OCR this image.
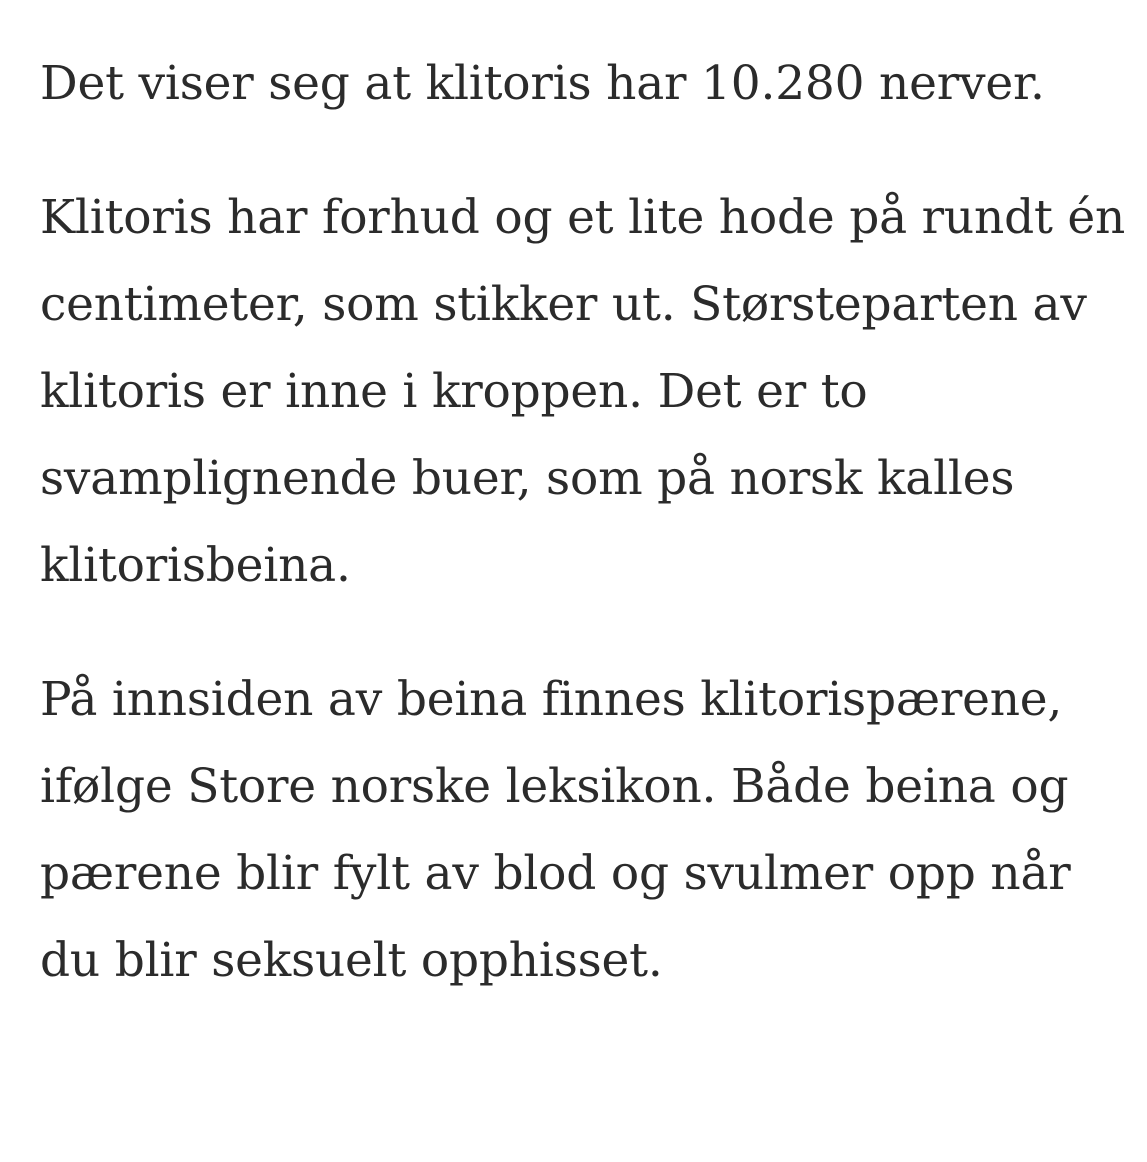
Det viser seg at klitoris har 10.280 nerver.

Klitoris har forhud og et lite hode på rundt én centimeter, som stikker ut. Størsteparten av klitoris er inne i kroppen. Det er to svamplignende buer, som på norsk kalles klitorisbeina.

På innsiden av beina finnes klitorispærene, ifølge Store norske leksikon. Både beina og pærene blir fylt av blod og svulmer opp når du blir seksuelt opphisset.
